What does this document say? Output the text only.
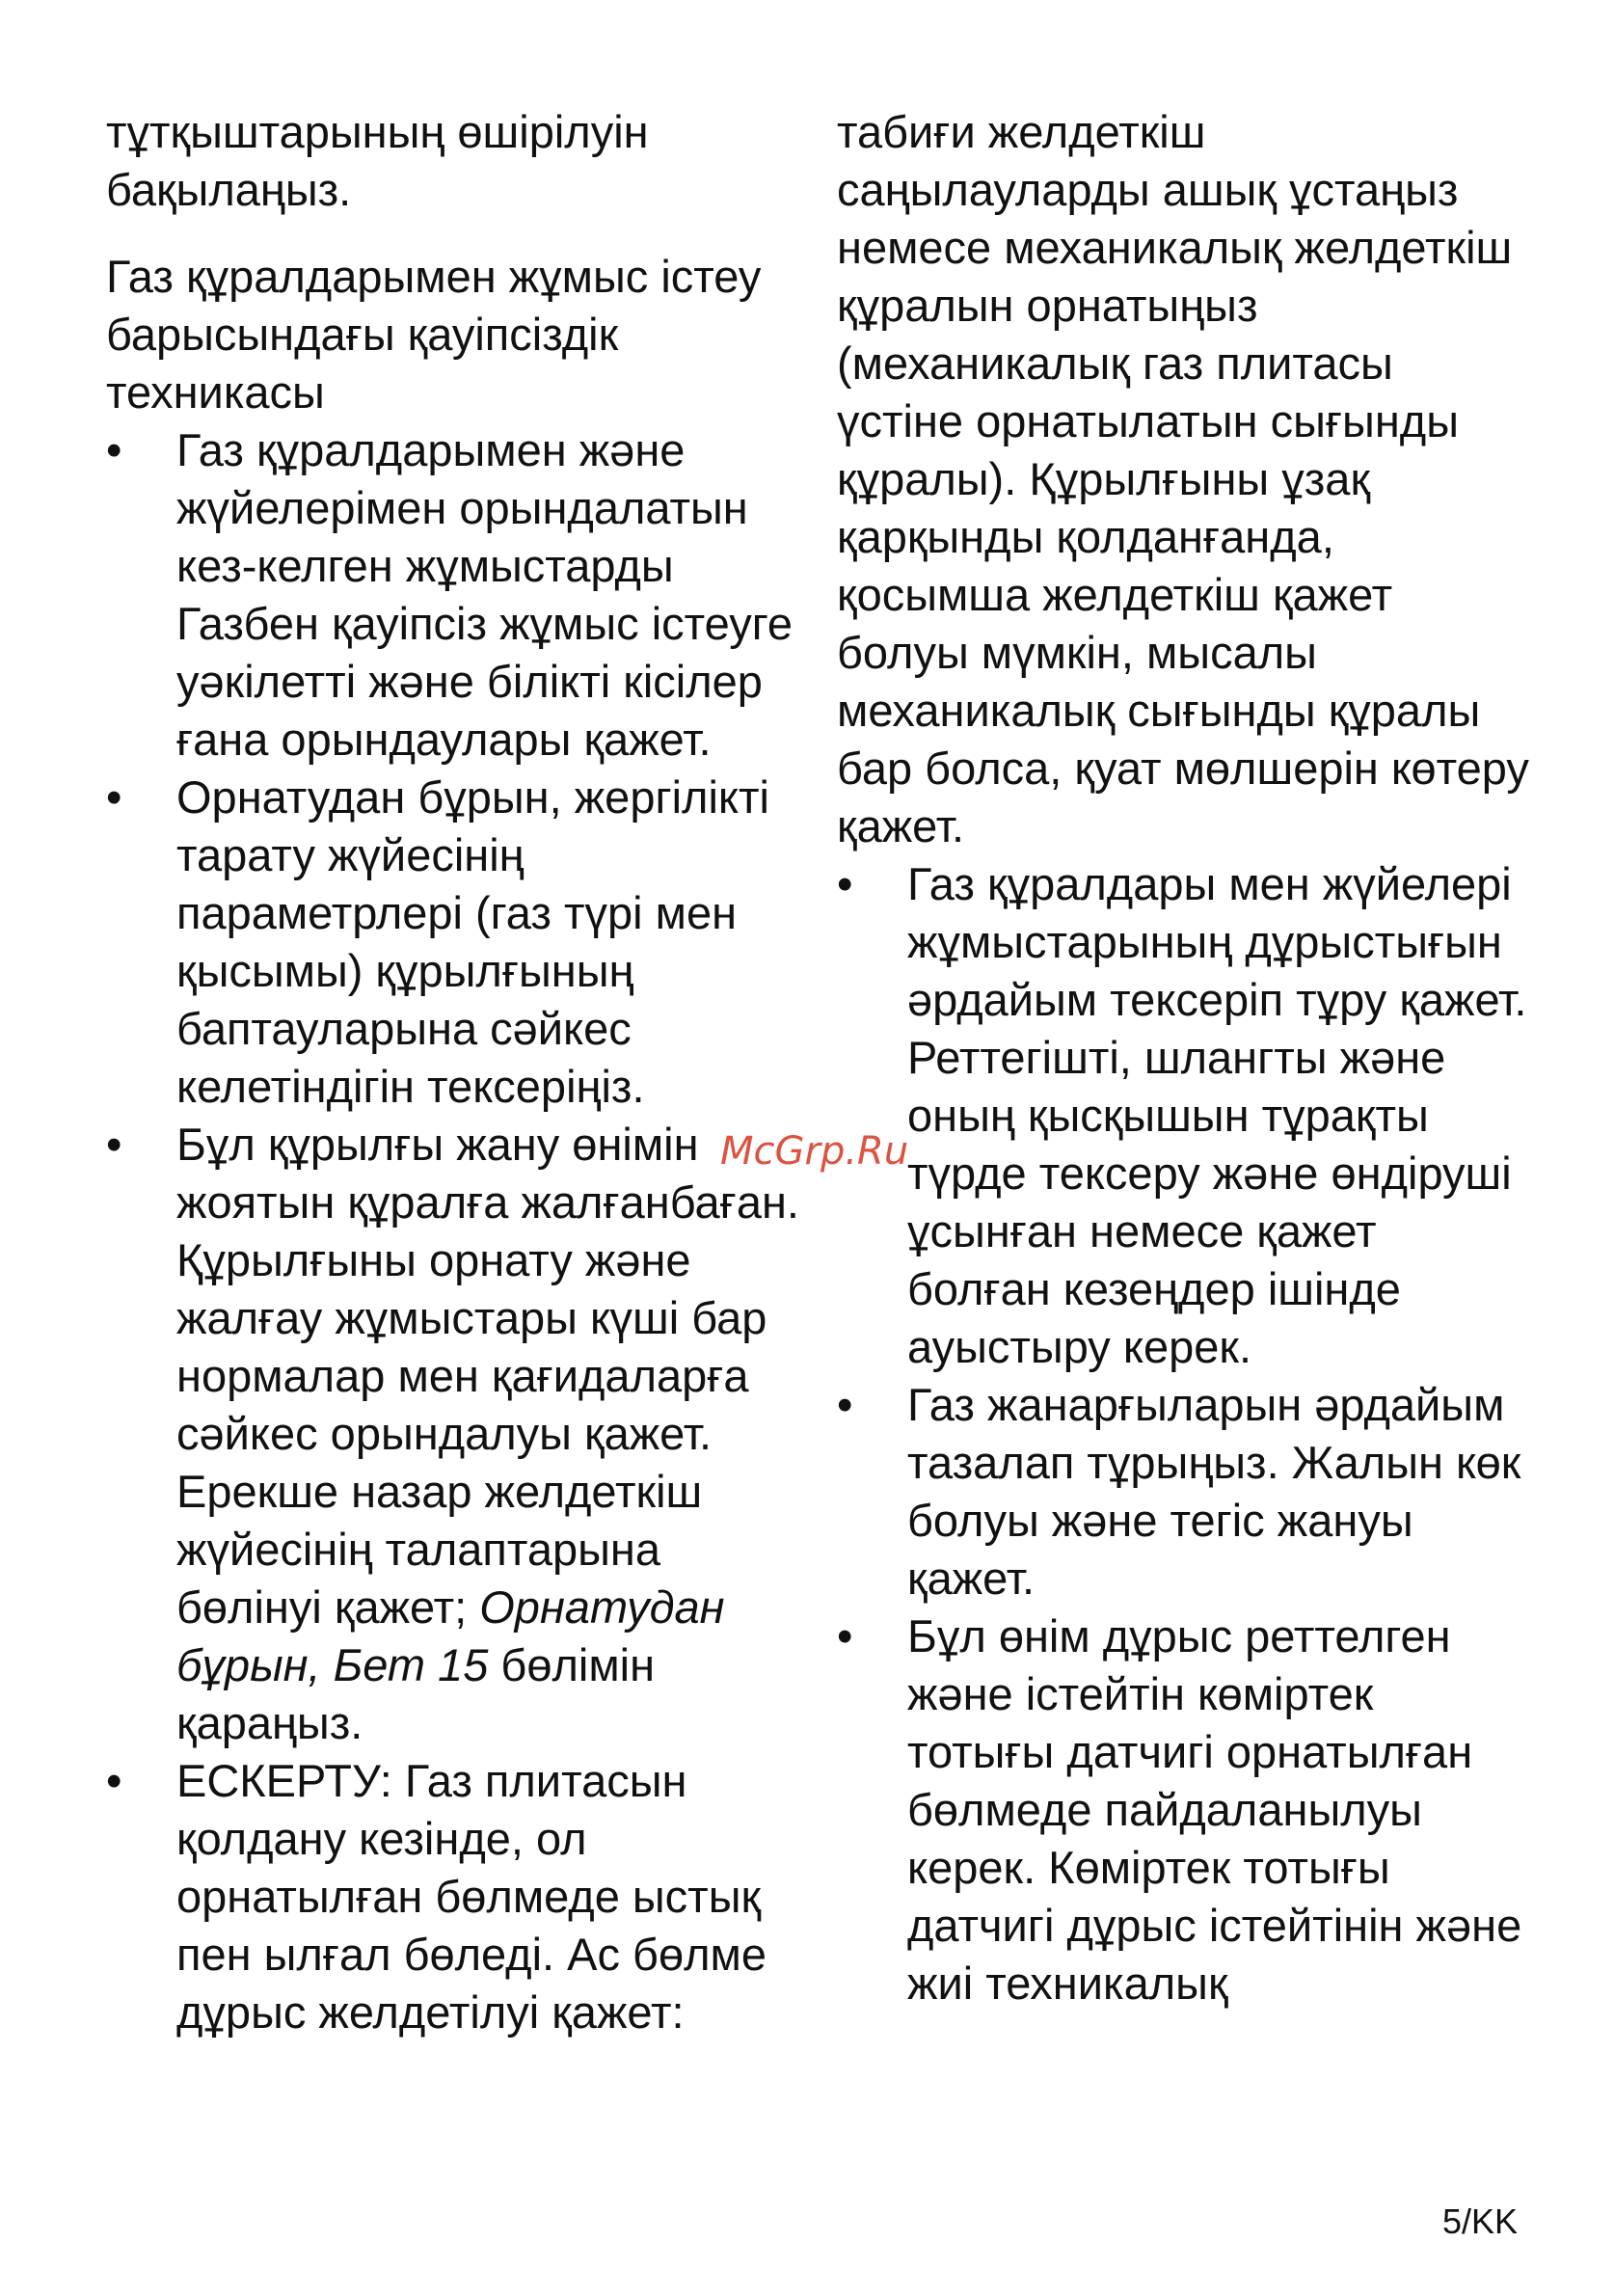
тұтқыштарының өшірілуін бақылаңыз.

Газ құралдарымен жұмыс істеу барысындағы қауіпсіздік техникасы

• Газ құралдарымен және жүйелерімен орындалатын кез-келген жұмыстарды Газбен қауіпсіз жұмыс істеуге уәкілетті және білікті кісілер ғана орындаулары қажет.
• Орнатудан бұрын, жергілікті тарату жүйесінің параметрлері (газ түрі мен қысымы) құрылғының баптауларына сәйкес келетіндігін тексеріңіз.
• Бұл құрылғы жану өнімін жоятын құралға жалғанбаған. Құрылғыны орнату және жалғау жұмыстары күші бар нормалар мен қағидаларға сәйкес орындалуы қажет. Ерекше назар желдеткіш жүйесінің талаптарына бөлінуі қажет; Орнатудан бұрын, Бет 15 бөлімін қараңыз.
• ЕСКЕРТУ: Газ плитасын қолдану кезінде, ол орнатылған бөлмеде ыстық пен ылғал бөледі. Ас бөлме дұрыс желдетілуі қажет:

табиғи желдеткіш саңылауларды ашық ұстаңыз немесе механикалық желдеткіш құралын орнатыңыз (механикалық газ плитасы үстіне орнатылатын сығынды құралы). Құрылғыны ұзақ қарқынды қолданғанда, қосымша желдеткіш қажет болуы мүмкін, мысалы механикалық сығынды құралы бар болса, қуат мөлшерін көтеру қажет.

• Газ құралдары мен жүйелері жұмыстарының дұрыстығын әрдайым тексеріп тұру қажет. Реттегішті, шлангты және оның қысқышын тұрақты түрде тексеру және өндіруші ұсынған немесе қажет болған кезеңдер ішінде ауыстыру керек.
• Газ жанарғыларын әрдайым тазалап тұрыңыз. Жалын көк болуы және тегіс жануы қажет.
• Бұл өнім дұрыс реттелген және істейтін көміртек тотығы датчигі орнатылған бөлмеде пайдаланылуы керек. Көміртек тотығы датчигі дұрыс істейтінін және жиі техникалық
McGrp.Ru
5/KK
